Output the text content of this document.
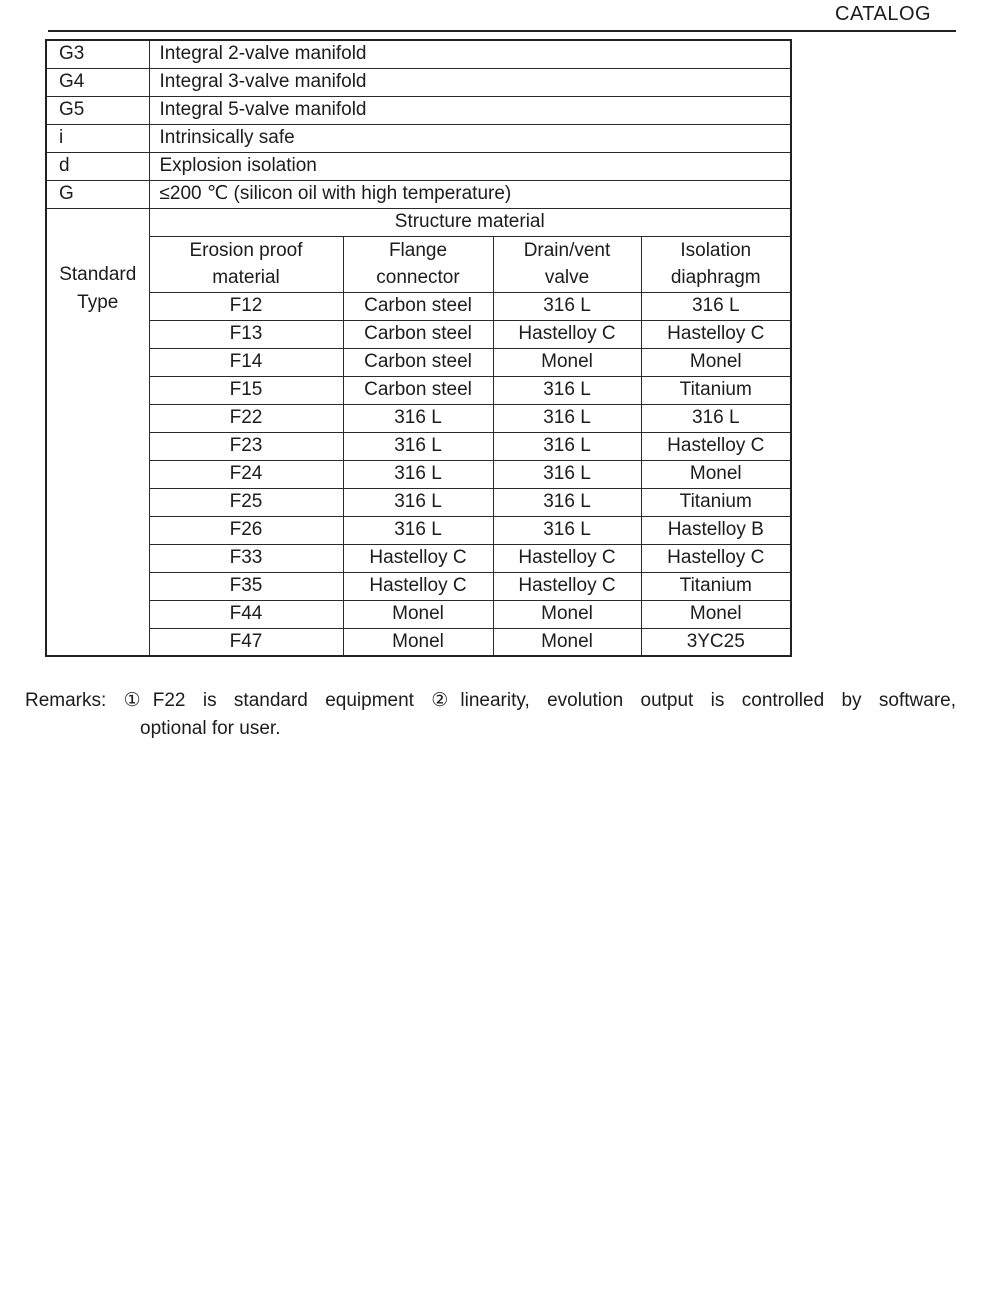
CATALOG
G3	Integral 2-valve manifold			
G4	Integral 3-valve manifold			
G5	Integral 5-valve manifold			
i	Intrinsically safe			
d	Explosion isolation			
G	≤200 ℃ (silicon oil with high temperature)			
Standard Type	Structure material			
	Erosion proof material	Flange connector	Drain/vent valve	Isolation diaphragm
	F12	Carbon steel	316 L	316 L
	F13	Carbon steel	Hastelloy C	Hastelloy C
	F14	Carbon steel	Monel	Monel
	F15	Carbon steel	316 L	Titanium
	F22	316 L	316 L	316 L
	F23	316 L	316 L	Hastelloy C
	F24	316 L	316 L	Monel
	F25	316 L	316 L	Titanium
	F26	316 L	316 L	Hastelloy B
	F33	Hastelloy C	Hastelloy C	Hastelloy C
	F35	Hastelloy C	Hastelloy C	Titanium
	F44	Monel	Monel	Monel
	F47	Monel	Monel	3YC25
Remarks: ①F22 is standard equipment ②linearity, evolution output is controlled by software,
optional for user.
